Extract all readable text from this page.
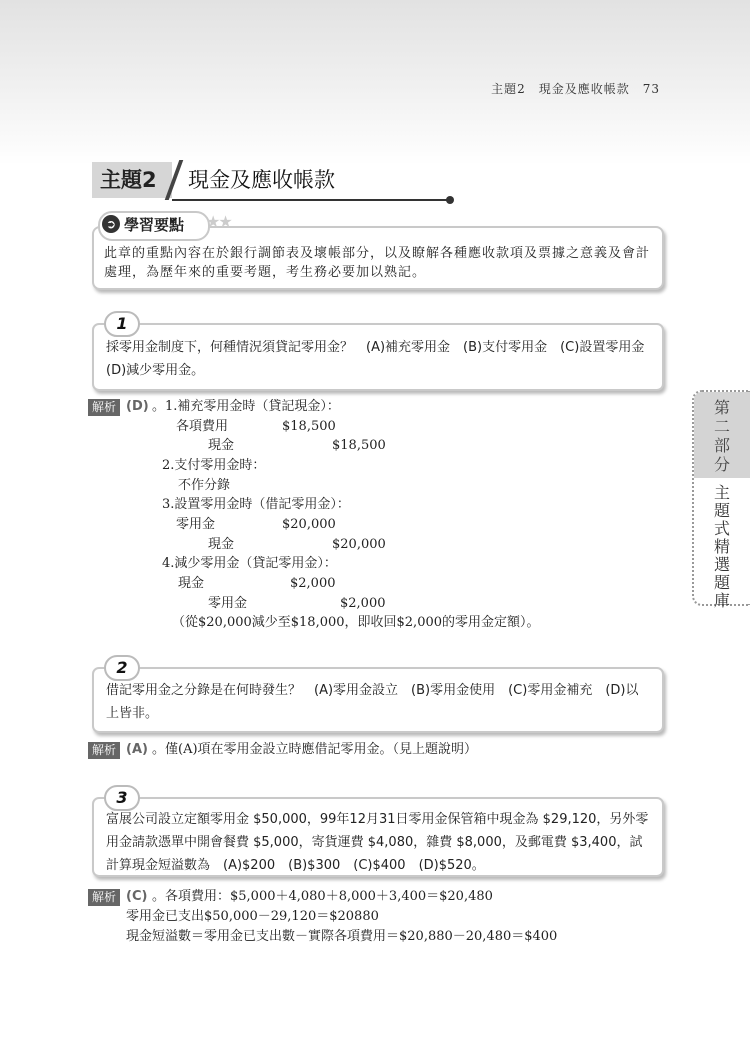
主題2　現金及應收帳款　73
主題2	現金及應收帳款
➲ 學習要點 ★★
此章的重點內容在於銀行調節表及壞帳部分，以及瞭解各種應收款項及票據之意義及會計處理，為歷年來的重要考題，考生務必要加以熟記。
1
採零用金制度下，何種情況須貸記零用金？　(A)補充零用金　(B)支付零用金　(C)設置零用金　(D)減少零用金。
解析 (D) 。1.補充零用金時（貸記現金）：
各項費用	$18,500
現金	$18,500
2.支付零用金時：
不作分錄
3.設置零用金時（借記零用金）：
零用金	$20,000
現金	$20,000
4.減少零用金（貸記零用金）：
現金	$2,000
零用金	$2,000
（從$20,000減少至$18,000，即收回$2,000的零用金定額）。
2
借記零用金之分錄是在何時發生？　(A)零用金設立　(B)零用金使用　(C)零用金補充　(D)以上皆非。
解析 (A) 。僅(A)項在零用金設立時應借記零用金。（見上題說明）
3
富展公司設立定額零用金 $50,000，99年12月31日零用金保管箱中現金為 $29,120，另外零用金請款憑單中開會餐費 $5,000，寄貨運費 $4,080，雜費 $8,000，及郵電費 $3,400，試計算現金短溢數為　(A)$200　(B)$300　(C)$400　(D)$520。
解析 (C) 。各項費用：$5,000＋4,080＋8,000＋3,400＝$20,480
零用金已支出$50,000－29,120＝$20880
現金短溢數＝零用金已支出數－實際各項費用＝$20,880－20,480＝$400
第二部分
主題式精選題庫
